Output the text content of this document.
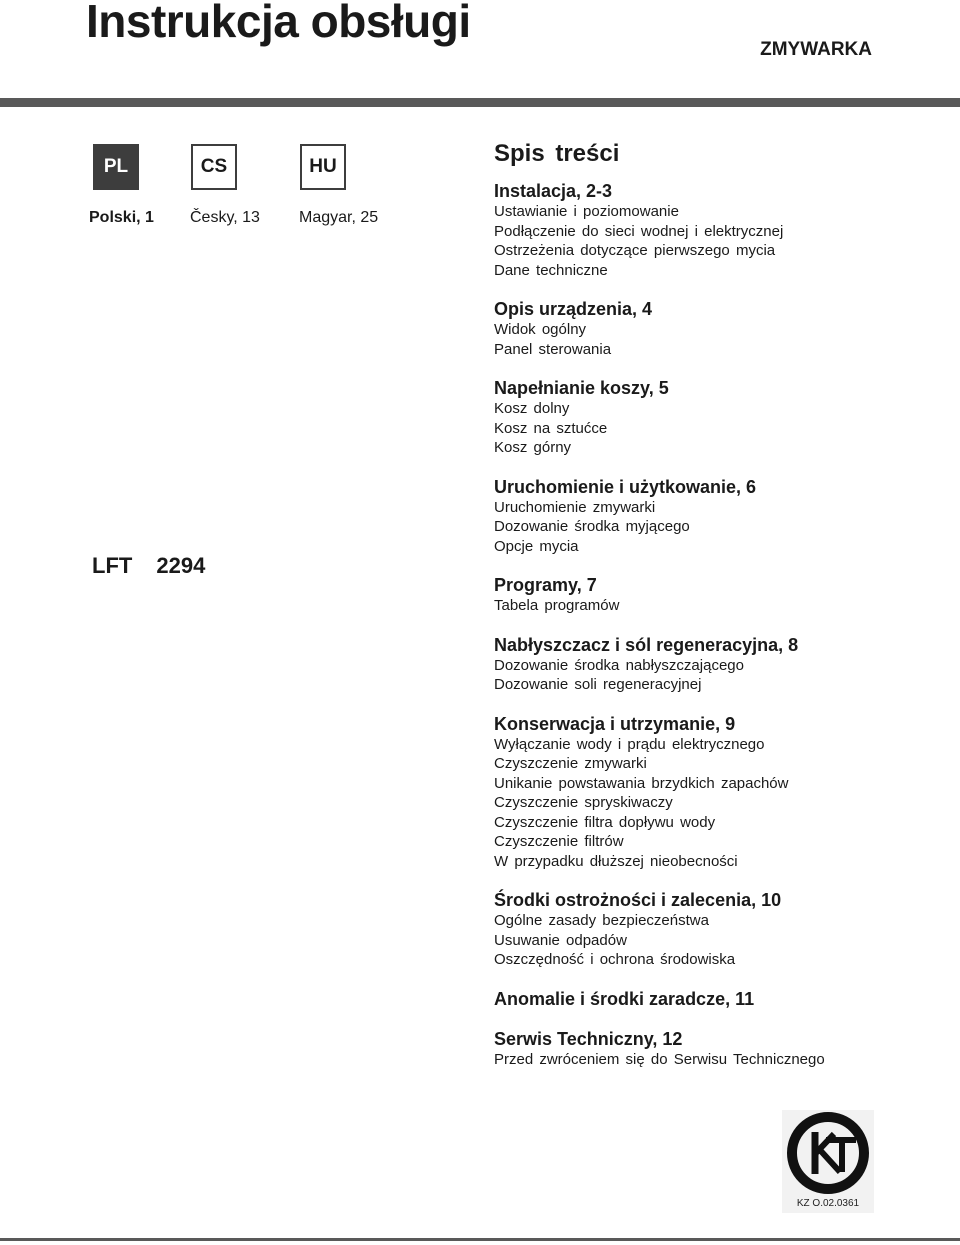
Instrukcja obsługi
ZMYWARKA
PL	CS	HU
Polski, 1 Česky, 13 Magyar, 25
LFT 2294
Spis treści
Instalacja, 2-3
Ustawianie i poziomowanie
Podłączenie do sieci wodnej i elektrycznej
Ostrzeżenia dotyczące pierwszego mycia
Dane techniczne
Opis urządzenia, 4
Widok ogólny
Panel sterowania
Napełnianie koszy, 5
Kosz dolny
Kosz na sztućce
Kosz górny
Uruchomienie i użytkowanie, 6
Uruchomienie zmywarki
Dozowanie środka myjącego
Opcje mycia
Programy, 7
Tabela programów
Nabłyszczacz i sól regeneracyjna, 8
Dozowanie środka nabłyszczającego
Dozowanie soli regeneracyjnej
Konserwacja i utrzymanie, 9
Wyłączanie wody i prądu elektrycznego
Czyszczenie zmywarki
Unikanie powstawania brzydkich zapachów
Czyszczenie spryskiwaczy
Czyszczenie filtra dopływu wody
Czyszczenie filtrów
W przypadku dłuższej nieobecności
Środki ostrożności i zalecenia, 10
Ogólne zasady bezpieczeństwa
Usuwanie odpadów
Oszczędność i ochrona środowiska
Anomalie i środki zaradcze, 11
Serwis Techniczny, 12
Przed zwróceniem się do Serwisu Technicznego
KZ O.02.0361
